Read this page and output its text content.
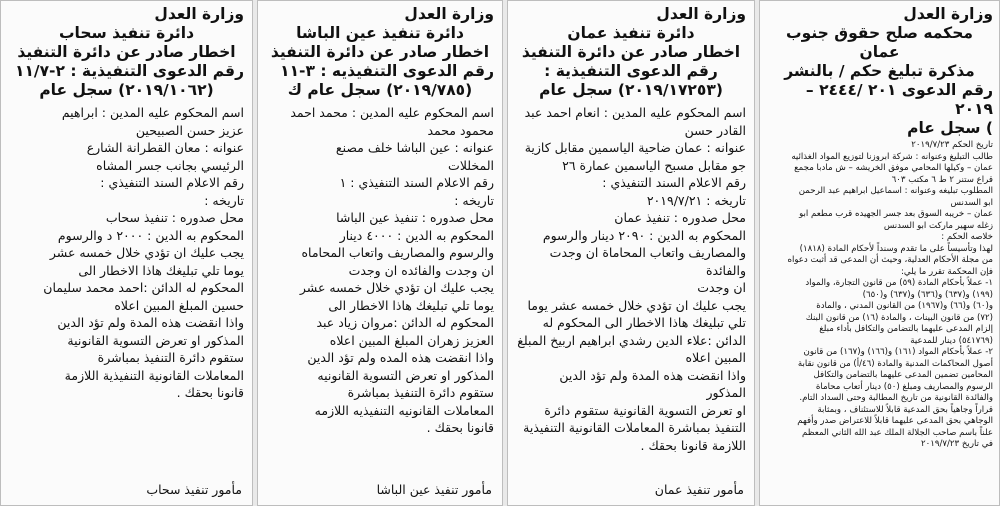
وزارة العدل
محكمه صلح حقوق جنوب عمان
مذكرة تبليغ حكم / بالنشر
رقم الدعوى ٢٠١ /٢٤٤٤ – ٢٠١٩
) سجل عام

تاريخ الحكم ٢٠١٩/٧/٢٣

طالب التبليغ وعنوانه : شركة ابروزنا لتوزيع المواد الغذائيه

عمان – وكيلها المحامي موفق الخريشه – ش مادبا مجمع

قراع ستنر ٢ ط ٦ مكتب ٦٠٣

المطلوب تبليغه وعنوانه : اسماعيل ابراهيم عبد الرحمن

ابو السدنس

عمان – خريبه السوق بعد جسر الجهيده قرب مطعم ابو

زغله سهير ماركت ابو السدنس

خلاصه الحكم :

لهذا وتأسيساً على ما تقدم وسنداً لأحكام المادة (١٨١٨)

من مجلة الأحكام العدلية، وحيث أن المدعى قد أثبت دعواه

فإن المحكمة تقرر ما يلي:

١- عملاً بأحكام المادة (٥٩) من قانون التجارة، والمواد

(١٩٩) و(٦٣٧) و(٦٣٦) و(٦٣٧) و(٦٥٠)

و(٦٠) و(٦٦) و(١٩٦٧) من القانون المدني ، والمادة

(٧٢) من قانون البينات ، والمادة (١٦) من قانون البنك

إلزام المدعى عليهما بالتضامن والتكافل بأداء مبلغ

(٥٤١٧٦٩) دينار للمدعية

٢- عملاً بأحكام المواد (١٦١) و(١٦٦) و(١٦٧) من قانون

أصول المحاكمات المدنية والمادة (٤٦/أ) من قانون نقابة

المحامين تضمين المدعى عليهما بالتضامن والتكافل

الرسوم والمصاريف ومبلغ (٥٠) دينار أتعاب محاماة

والفائدة القانونية من تاريخ المطالبة وحتى السداد التام.

قراراً وجاهياً بحق المدعية قابلاً للاستئناف ، وبمثابة

الوجاهي بحق المدعى عليهما قابلاً للاعتراض صدر وأفهم

علناً باسم صاحب الجلالة الملك عبد الله الثاني المعظم

في تاريخ ٢٠١٩/٧/٢٣

وزارة العدل
دائرة تنفيذ عمان
اخطار صادر عن دائرة التنفيذ
رقم الدعوى التنفيذية :
(٢٠١٩/١٧٢٥٣) سجل عام

اسم المحكوم عليه المدين : انعام احمد عبد

القادر حسن

عنوانه : عمان ضاحية الياسمين مقابل كازية

جو مقابل مسبح الياسمين عمارة ٢٦

رقم الاعلام السند التنفيذي :

تاريخه : ٢٠١٩/٧/٢١

محل صدوره : تنفيذ عمان

المحكوم به الدين : ٢٠٩٠ دينار والرسوم

والمصاريف واتعاب المحاماة ان وجدت والفائدة

ان وجدت

يجب عليك ان تؤدي خلال خمسه عشر يوما

تلي تبليغك هاذا الاخطار الى المحكوم له

الدائن :علاء الدين رشدي ابراهيم اربيخ المبلغ

المبين اعلاه

واذا انقضت هذه المدة ولم تؤد الدين المذكور

او تعرض التسوية القانونية ستقوم دائرة

التنفيذ بمباشرة المعاملات القانونية التنفيذية

اللازمة قانونا بحقك .

مأمور تنفيذ عمان
وزارة العدل
دائرة تنفيذ عين الباشا
اخطار صادر عن دائرة التنفيذ
رقم الدعوى التنفيذيه : ٣-١١
(٢٠١٩/٧٨٥) سجل عام ك

اسم المحكوم عليه المدين : محمد احمد

محمود محمد

عنوانه : عين الباشا خلف مصنع

المخللات

رقم الاعلام السند التنفيذي : ١

تاريخه :

محل صدوره : تنفيذ عين الباشا

المحكوم به الدين : ٤٠٠٠ دينار

والرسوم والمصاريف واتعاب المحاماه

ان وجدت والفائده ان وجدت

يجب عليك ان تؤدي خلال خمسه عشر

يوما تلي تبليغك هاذا الاخطار الى

المحكوم له الدائن :مروان زياد عبد

العزيز زهران المبلغ المبين اعلاه

واذا انقضت هذه المده ولم تؤد الدين

المذكور او تعرض التسوية القانونيه

ستقوم دائرة التنفيذ بمباشرة

المعاملات القانونيه التنفيذيه اللازمه

قانونا بحقك .

مأمور تنفيذ عين الباشا
وزارة العدل
دائرة تنفيذ سحاب
اخطار صادر عن دائرة التنفيذ
رقم الدعوى التنفيذية : ٢-١١/٧
(٢٠١٩/١٠٦٢) سجل عام

اسم المحكوم عليه المدين : ابراهيم

عزيز حسن الصبيحين

عنوانه : معان القطرانة الشارع

الرئيسي بجانب جسر المشاه

رقم الاعلام السند التنفيذي :

تاريخه :

محل صدوره : تنفيذ سحاب

المحكوم به الدين : ٢٠٠٠ د والرسوم

يجب عليك ان تؤدي خلال خمسه عشر

يوما تلي تبليغك هاذا الاخطار الى

المحكوم له الدائن :احمد محمد سليمان

حسين المبلغ المبين اعلاه

واذا انقضت هذه المدة ولم تؤد الدين

المذكور او تعرض التسوية القانونية

ستقوم دائرة التنفيذ بمباشرة

المعاملات القانونية التنفيذية اللازمة

قانونا بحقك .

مأمور تنفيذ سحاب
